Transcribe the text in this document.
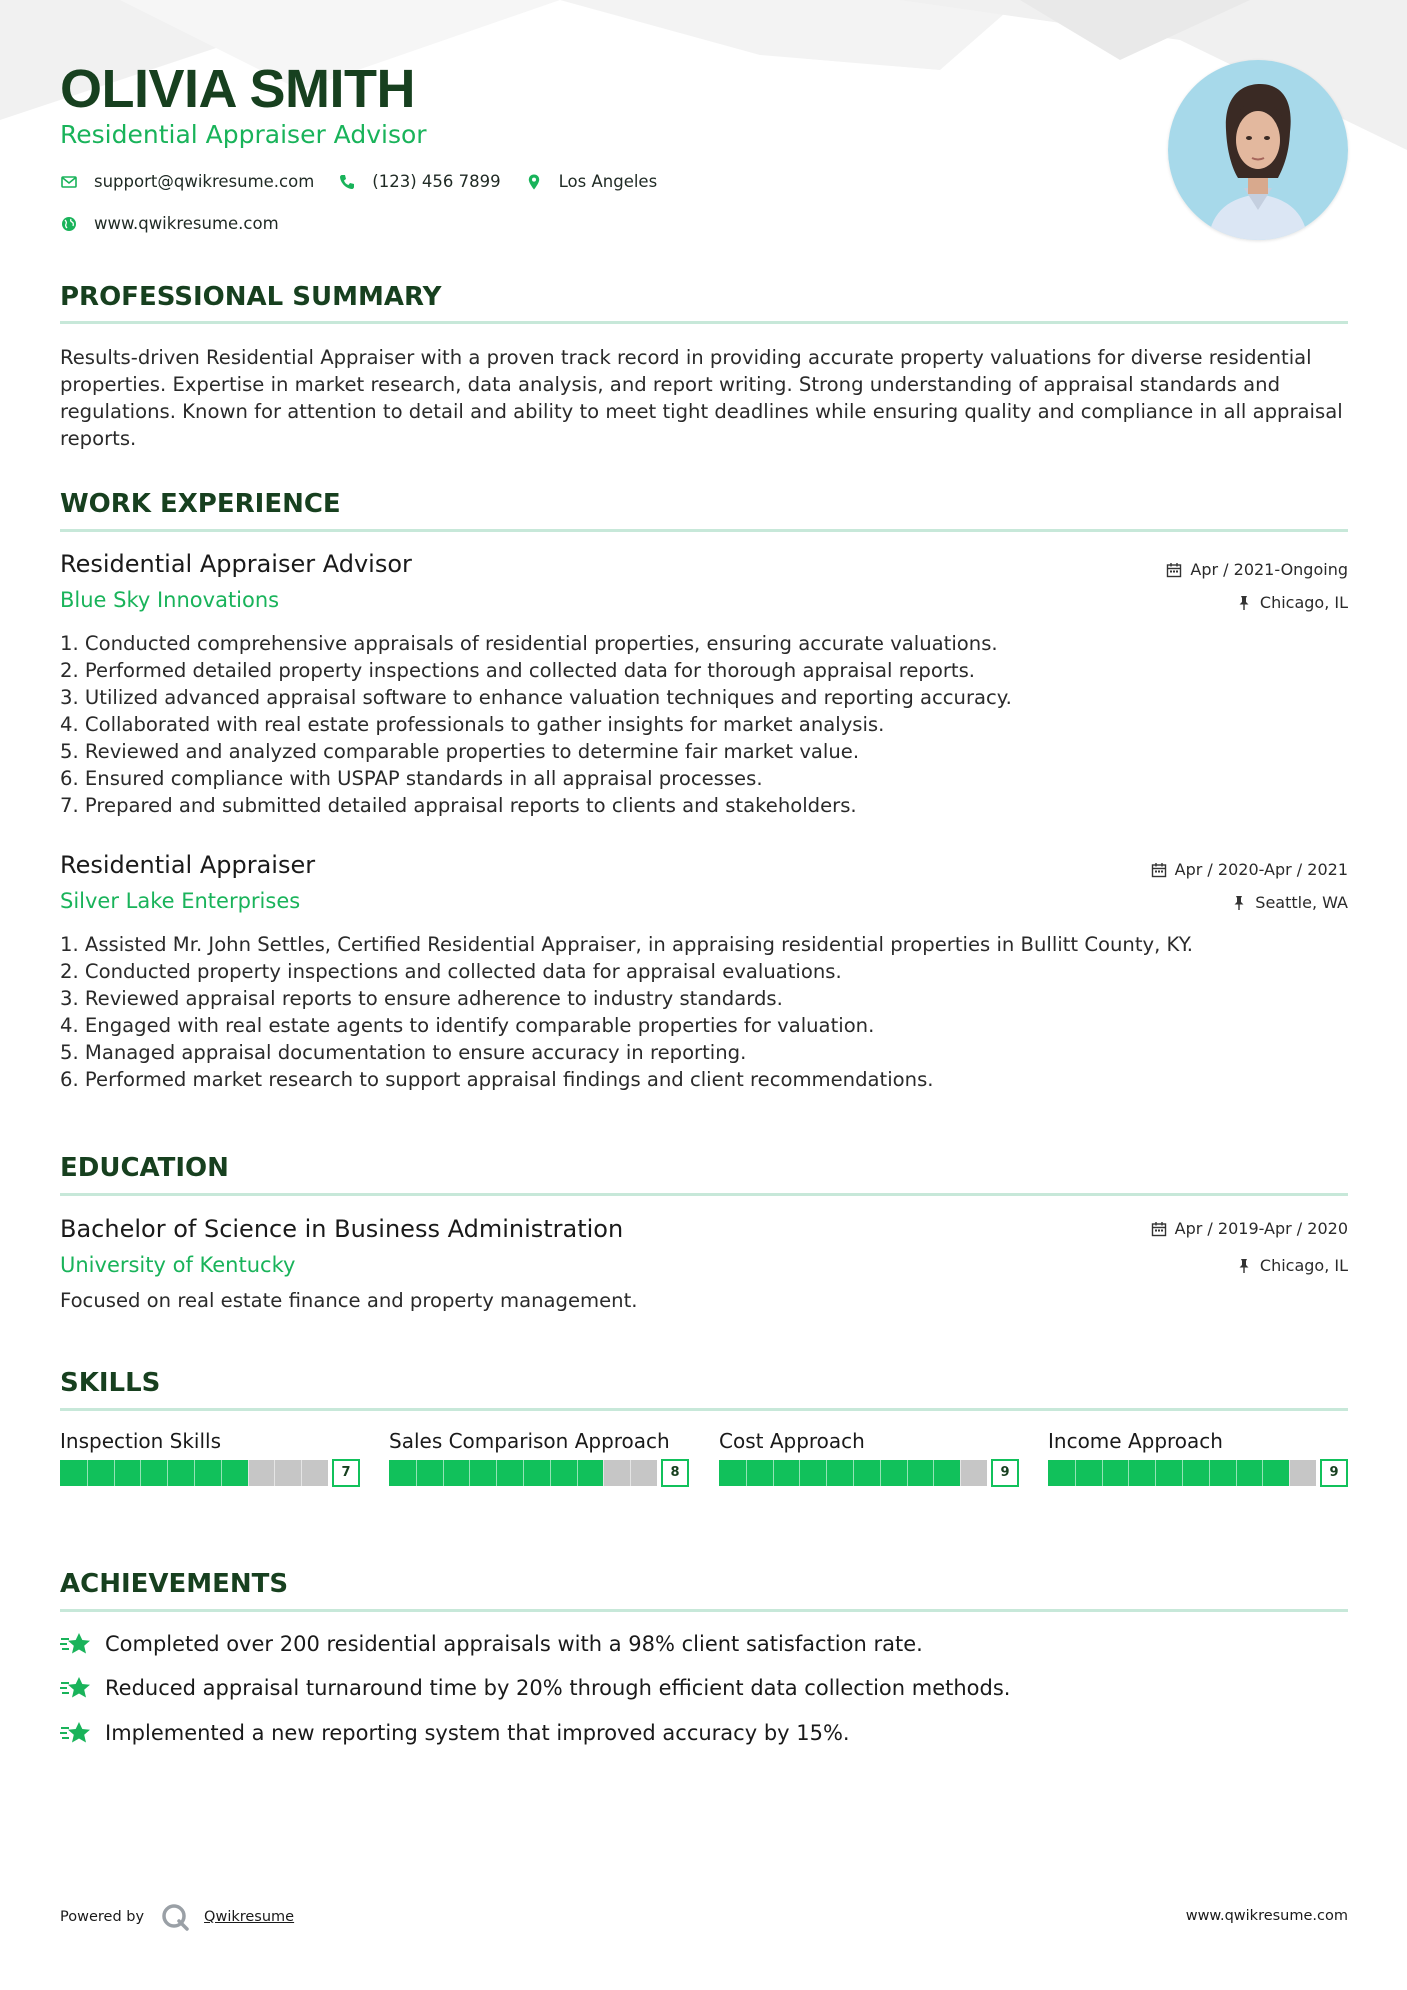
OLIVIA SMITH
Residential Appraiser Advisor
support@qwikresume.com	(123) 456 7899	Los Angeles
www.qwikresume.com
PROFESSIONAL SUMMARY

Results-driven Residential Appraiser with a proven track record in providing accurate property valuations for diverse residential properties. Expertise in market research, data analysis, and report writing. Strong understanding of appraisal standards and regulations. Known for attention to detail and ability to meet tight deadlines while ensuring quality and compliance in all appraisal reports.

WORK EXPERIENCE
Residential Appraiser Advisor	Apr / 2021-Ongoing
Blue Sky Innovations	Chicago, IL
1. Conducted comprehensive appraisals of residential properties, ensuring accurate valuations.
2. Performed detailed property inspections and collected data for thorough appraisal reports.
3. Utilized advanced appraisal software to enhance valuation techniques and reporting accuracy.
4. Collaborated with real estate professionals to gather insights for market analysis.
5. Reviewed and analyzed comparable properties to determine fair market value.
6. Ensured compliance with USPAP standards in all appraisal processes.
7. Prepared and submitted detailed appraisal reports to clients and stakeholders.
Residential Appraiser	Apr / 2020-Apr / 2021
Silver Lake Enterprises	Seattle, WA
1. Assisted Mr. John Settles, Certified Residential Appraiser, in appraising residential properties in Bullitt County, KY.
2. Conducted property inspections and collected data for appraisal evaluations.
3. Reviewed appraisal reports to ensure adherence to industry standards.
4. Engaged with real estate agents to identify comparable properties for valuation.
5. Managed appraisal documentation to ensure accuracy in reporting.
6. Performed market research to support appraisal findings and client recommendations.
EDUCATION
Bachelor of Science in Business Administration	Apr / 2019-Apr / 2020
University of Kentucky	Chicago, IL
Focused on real estate finance and property management.
SKILLS
Inspection Skills
7
Sales Comparison Approach
8
Cost Approach
9
Income Approach
9
ACHIEVEMENTS
Completed over 200 residential appraisals with a 98% client satisfaction rate.
Reduced appraisal turnaround time by 20% through efficient data collection methods.
Implemented a new reporting system that improved accuracy by 15%.
Powered by	Qwikresume	www.qwikresume.com
